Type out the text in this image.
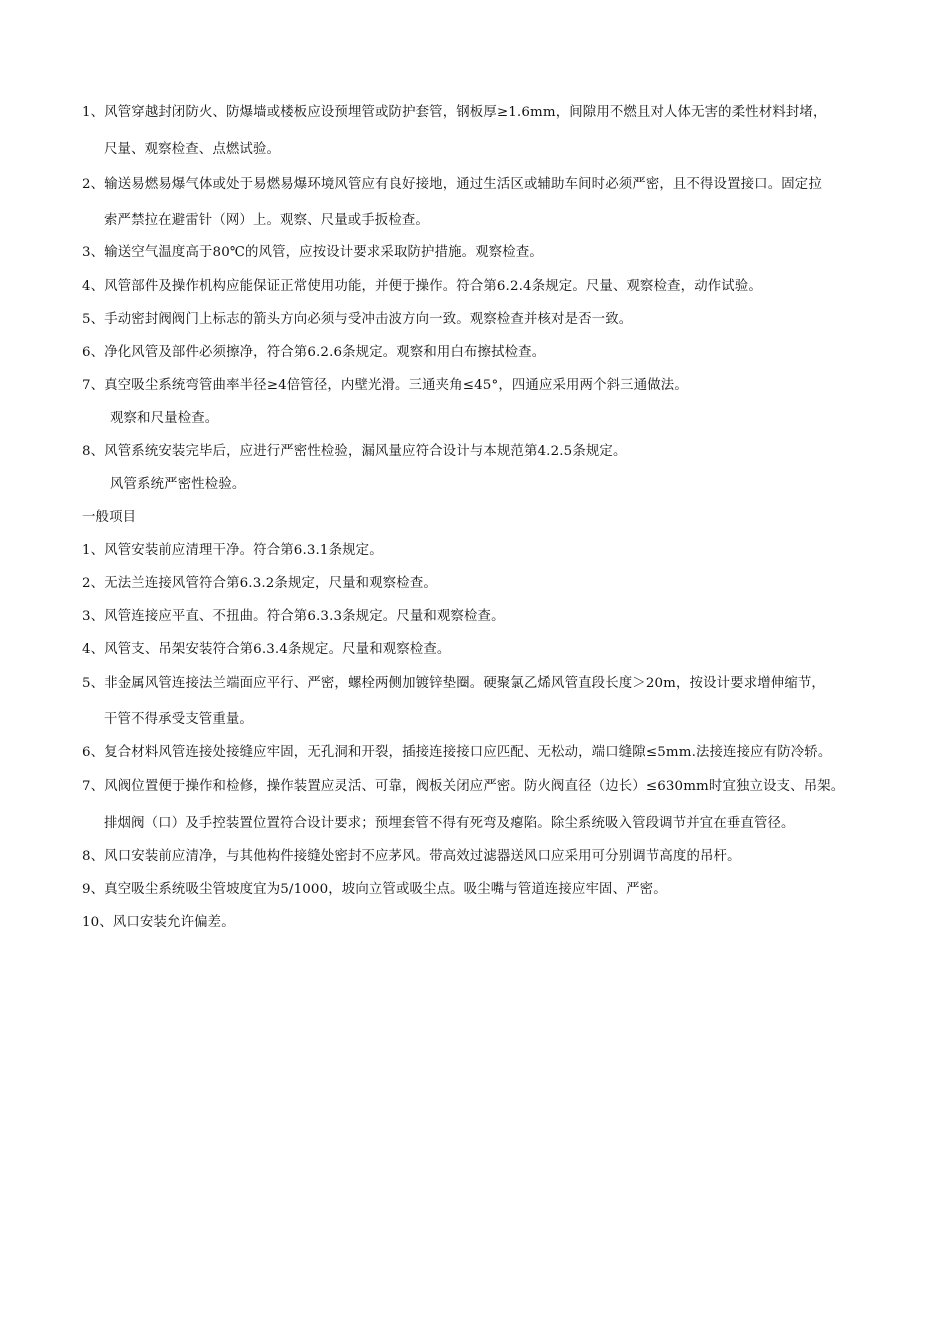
1、风管穿越封闭防火、防爆墙或楼板应设预埋管或防护套管，钢板厚≥1.6mm，间隙用不燃且对人体无害的柔性材料封堵，
尺量、观察检查、点燃试验。
2、输送易燃易爆气体或处于易燃易爆环境风管应有良好接地，通过生活区或辅助车间时必须严密，且不得设置接口。固定拉
索严禁拉在避雷针（网）上。观察、尺量或手扳检查。
3、输送空气温度高于80℃的风管，应按设计要求采取防护措施。观察检查。
4、风管部件及操作机构应能保证正常使用功能，并便于操作。符合第6.2.4条规定。尺量、观察检查，动作试验。
5、手动密封阀阀门上标志的箭头方向必须与受冲击波方向一致。观察检查并核对是否一致。
6、净化风管及部件必须擦净，符合第6.2.6条规定。观察和用白布擦拭检查。
7、真空吸尘系统弯管曲率半径≥4倍管径，内壁光滑。三通夹角≤45°，四通应采用两个斜三通做法。
观察和尺量检查。
8、风管系统安装完毕后，应进行严密性检验，漏风量应符合设计与本规范第4.2.5条规定。
风管系统严密性检验。
一般项目
1、风管安装前应清理干净。符合第6.3.1条规定。
2、无法兰连接风管符合第6.3.2条规定，尺量和观察检查。
3、风管连接应平直、不扭曲。符合第6.3.3条规定。尺量和观察检查。
4、风管支、吊架安装符合第6.3.4条规定。尺量和观察检查。
5、非金属风管连接法兰端面应平行、严密，螺栓两侧加镀锌垫圈。硬聚氯乙烯风管直段长度＞20m，按设计要求增伸缩节，
干管不得承受支管重量。
6、复合材料风管连接处接缝应牢固，无孔洞和开裂，插接连接接口应匹配、无松动，端口缝隙≤5mm.法接连接应有防冷轿。
7、风阀位置便于操作和检修，操作装置应灵活、可靠，阀板关闭应严密。防火阀直径（边长）≤630mm时宜独立设支、吊架。
排烟阀（口）及手控装置位置符合设计要求；预埋套管不得有死弯及瘪陷。除尘系统吸入管段调节并宜在垂直管径。
8、风口安装前应清净，与其他构件接缝处密封不应茅风。带高效过滤器送风口应采用可分别调节高度的吊杆。
9、真空吸尘系统吸尘管坡度宜为5/1000，坡向立管或吸尘点。吸尘嘴与管道连接应牢固、严密。
10、风口安装允许偏差。
